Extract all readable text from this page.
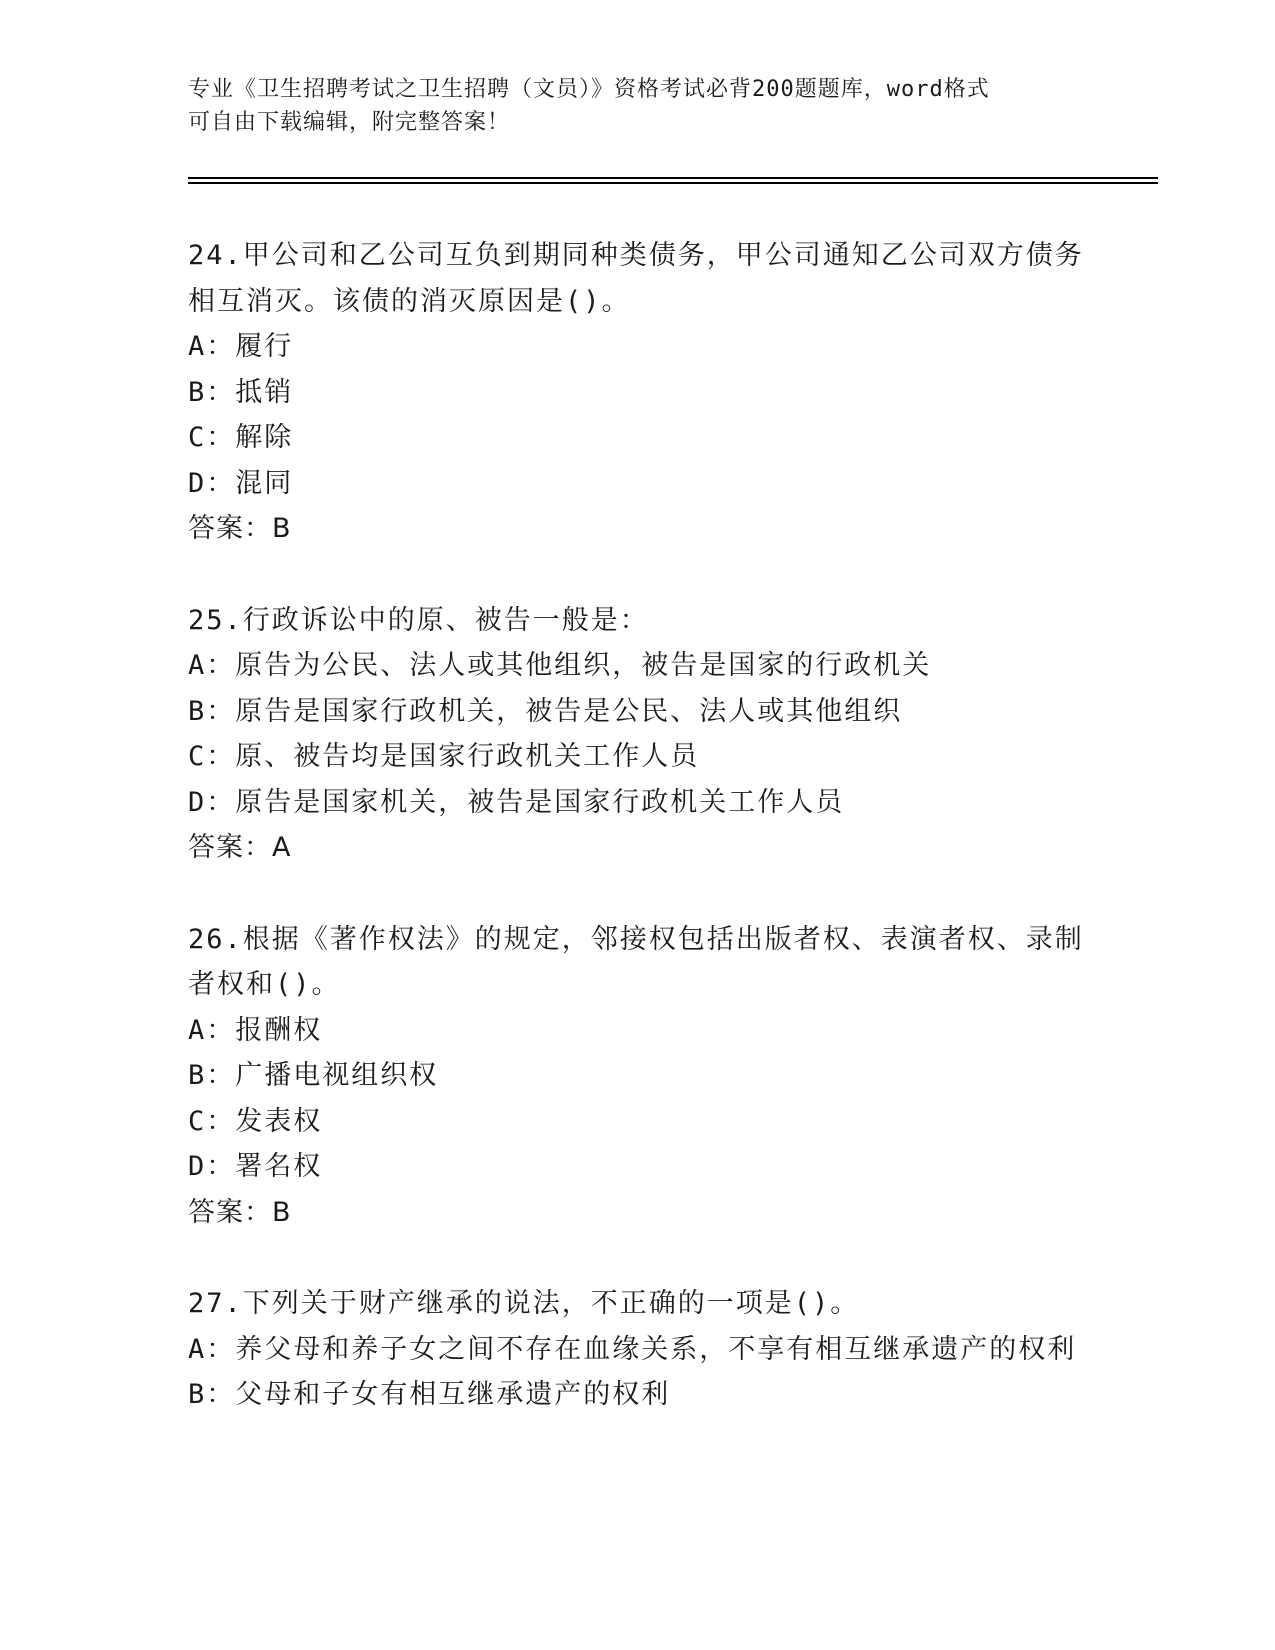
专业《卫生招聘考试之卫生招聘（文员）》资格考试必背200题题库，word格式
可自由下载编辑，附完整答案！
24.甲公司和乙公司互负到期同种类债务，甲公司通知乙公司双方债务
相互消灭。该债的消灭原因是()。
A：履行
B：抵销
C：解除
D：混同
答案：B
25.行政诉讼中的原、被告一般是：
A：原告为公民、法人或其他组织，被告是国家的行政机关
B：原告是国家行政机关，被告是公民、法人或其他组织
C：原、被告均是国家行政机关工作人员
D：原告是国家机关，被告是国家行政机关工作人员
答案：A
26.根据《著作权法》的规定，邻接权包括出版者权、表演者权、录制
者权和()。
A：报酬权
B：广播电视组织权
C：发表权
D：署名权
答案：B
27.下列关于财产继承的说法，不正确的一项是()。
A：养父母和养子女之间不存在血缘关系，不享有相互继承遗产的权利
B：父母和子女有相互继承遗产的权利
